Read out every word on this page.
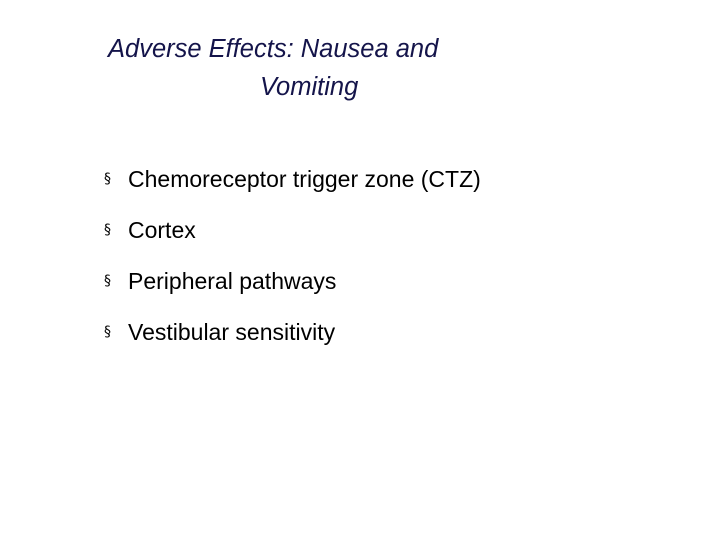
Adverse Effects: Nausea and
Vomiting
§ Chemoreceptor trigger zone (CTZ)
§ Cortex
§ Peripheral pathways
§ Vestibular sensitivity
